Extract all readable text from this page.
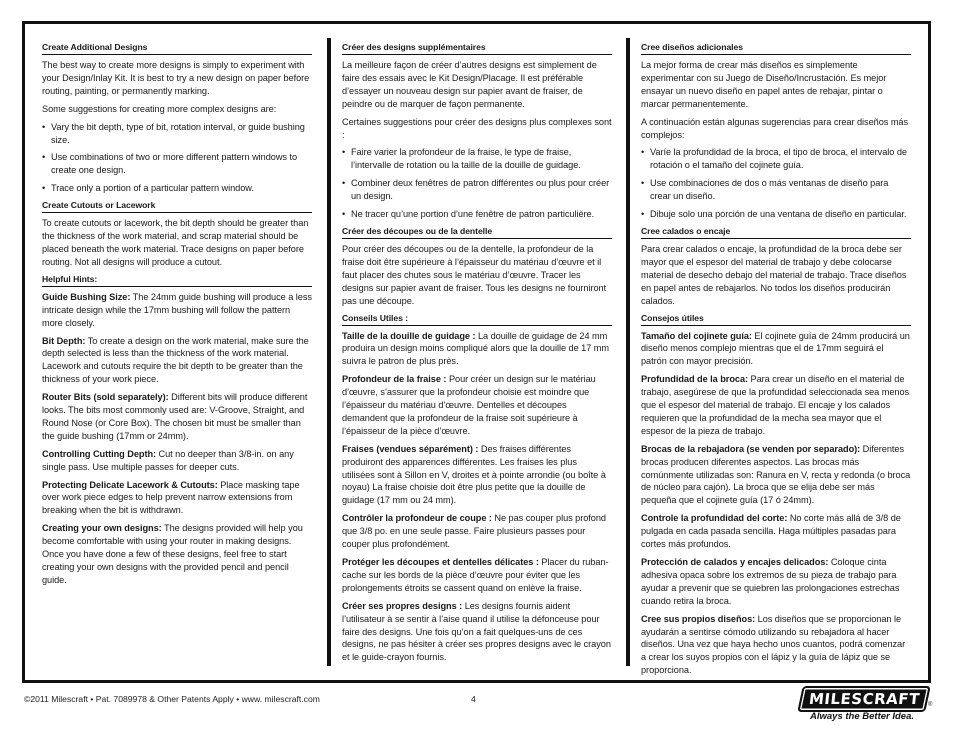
Create Additional Designs

The best way to create more designs is simply to experiment with your Design/Inlay Kit. It is best to try a new design on paper before routing, painting, or permanently marking.

Some suggestions for creating more complex designs are:

• Vary the bit depth, type of bit, rotation interval, or guide bushing size.
• Use combinations of two or more different pattern windows to create one design.
• Trace only a portion of a particular pattern window.
Create Cutouts or Lacework

To create cutouts or lacework, the bit depth should be greater than the thickness of the work material, and scrap material should be placed beneath the work material. Trace designs on paper before routing. Not all designs will produce a cutout.

Helpful Hints:

Guide Bushing Size: The 24mm guide bushing will produce a less intricate design while the 17mm bushing will follow the pattern more closely.

Bit Depth: To create a design on the work material, make sure the depth selected is less than the thickness of the work material. Lacework and cutouts require the bit depth to be greater than the thickness of your work piece.

Router Bits (sold separately): Different bits will produce different looks. The bits most commonly used are: V-Groove, Straight, and Round Nose (or Core Box). The chosen bit must be smaller than the guide bushing (17mm or 24mm).

Controlling Cutting Depth: Cut no deeper than 3/8-in. on any single pass. Use multiple passes for deeper cuts.

Protecting Delicate Lacework & Cutouts: Place masking tape over work piece edges to help prevent narrow extensions from breaking when the bit is withdrawn.

Creating your own designs: The designs provided will help you become comfortable with using your router in making designs. Once you have done a few of these designs, feel free to start creating your own designs with the provided pencil and pencil guide.

Créer des designs supplémentaires

La meilleure façon de créer d’autres designs est simplement de faire des essais avec le Kit Design/Placage. Il est préférable d’essayer un nouveau design sur papier avant de fraiser, de peindre ou de marquer de façon permanente.

Certaines suggestions pour créer des designs plus complexes sont :

• Faire varier la profondeur de la fraise, le type de fraise, l’intervalle de rotation ou la taille de la douille de guidage.
• Combiner deux fenêtres de patron différentes ou plus pour créer un design.
• Ne tracer qu’une portion d’une fenêtre de patron particulière.
Créer des découpes ou de la dentelle

Pour créer des découpes ou de la dentelle, la profondeur de la fraise doit être supérieure à l’épaisseur du matériau d’œuvre et il faut placer des chutes sous le matériau d’œuvre. Tracer les designs sur papier avant de fraiser. Tous les designs ne fourniront pas une découpe.

Conseils Utiles :

Taille de la douille de guidage : La douille de guidage de 24 mm produira un design moins compliqué alors que la douille de 17 mm suivra le patron de plus près.

Profondeur de la fraise : Pour créer un design sur le matériau d’œuvre, s’assurer que la profondeur choisie est moindre que l’épaisseur du matériau d’œuvre. Dentelles et découpes demandent que la profondeur de la fraise soit supérieure à l’épaisseur de la pièce d’œuvre.

Fraises (vendues séparément) : Des fraises différentes produiront des apparences différentes. Les fraises les plus utilisées sont à Sillon en V, droites et à pointe arrondie (ou boîte à noyau) La fraise choisie doit être plus petite que la douille de guidage (17 mm ou 24 mm).

Contrôler la profondeur de coupe : Ne pas couper plus profond que 3/8 po. en une seule passe. Faire plusieurs passes pour couper plus profondément.

Protéger les découpes et dentelles délicates : Placer du ruban-cache sur les bords de la pièce d’œuvre pour éviter que les prolongements étroits se cassent quand on enlève la fraise.

Créer ses propres designs : Les designs fournis aident l’utilisateur à se sentir à l’aise quand il utilise la défonceuse pour faire des designs. Une fois qu’on a fait quelques-uns de ces designs, ne pas hésiter à créer ses propres designs avec le crayon et le guide-crayon fournis.

Cree diseños adicionales

La mejor forma de crear más diseños es simplemente experimentar con su Juego de Diseño/Incrustación. Es mejor ensayar un nuevo diseño en papel antes de rebajar, pintar o marcar permanentemente.

A continuación están algunas sugerencias para crear diseños más complejos:

• Varíe la profundidad de la broca, el tipo de broca, el intervalo de rotación o el tamaño del cojinete guía.
• Use combinaciones de dos o más ventanas de diseño para crear un diseño.
• Dibuje solo una porción de una ventana de diseño en particular.
Cree calados o encaje

Para crear calados o encaje, la profundidad de la broca debe ser mayor que el espesor del material de trabajo y debe colocarse material de desecho debajo del material de trabajo. Trace diseños en papel antes de rebajarlos. No todos los diseños producirán calados.

Consejos útiles

Tamaño del cojinete guía: El cojinete guía de 24mm producirá un diseño menos complejo mientras que el de 17mm seguirá el patrón con mayor precisión.

Profundidad de la broca: Para crear un diseño en el material de trabajo, asegúrese de que la profundidad seleccionada sea menos que el espesor del material de trabajo. El encaje y los calados requieren que la profundidad de la mecha sea mayor que el espesor de la pieza de trabajo.

Brocas de la rebajadora (se venden por separado): Diferentes brocas producen diferentes aspectos. Las brocas más comúnmente utilizadas son: Ranura en V, recta y redonda (o broca de núcleo para cajón). La broca que se elija debe ser más pequeña que el cojinete guía (17 ó 24mm).

Controle la profundidad del corte: No corte más allá de 3/8 de pulgada en cada pasada sencilla. Haga múltiples pasadas para cortes más profundos.

Protección de calados y encajes delicados: Coloque cinta adhesiva opaca sobre los extremos de su pieza de trabajo para ayudar a prevenir que se quiebren las prolongaciones estrechas cuando retira la broca.

Cree sus propios diseños: Los diseños que se proporcionan le ayudarán a sentirse cómodo utilizando su rebajadora al hacer diseños. Una vez que haya hecho unos cuantos, podrá comenzar a crear los suyos propios con el lápiz y la guía de lápiz que se proporciona.

©2011 Milescraft • Pat. 7089978 & Other Patents Apply • www. milescraft.com	4	MILESCRAFT ®
Always the Better Idea.
